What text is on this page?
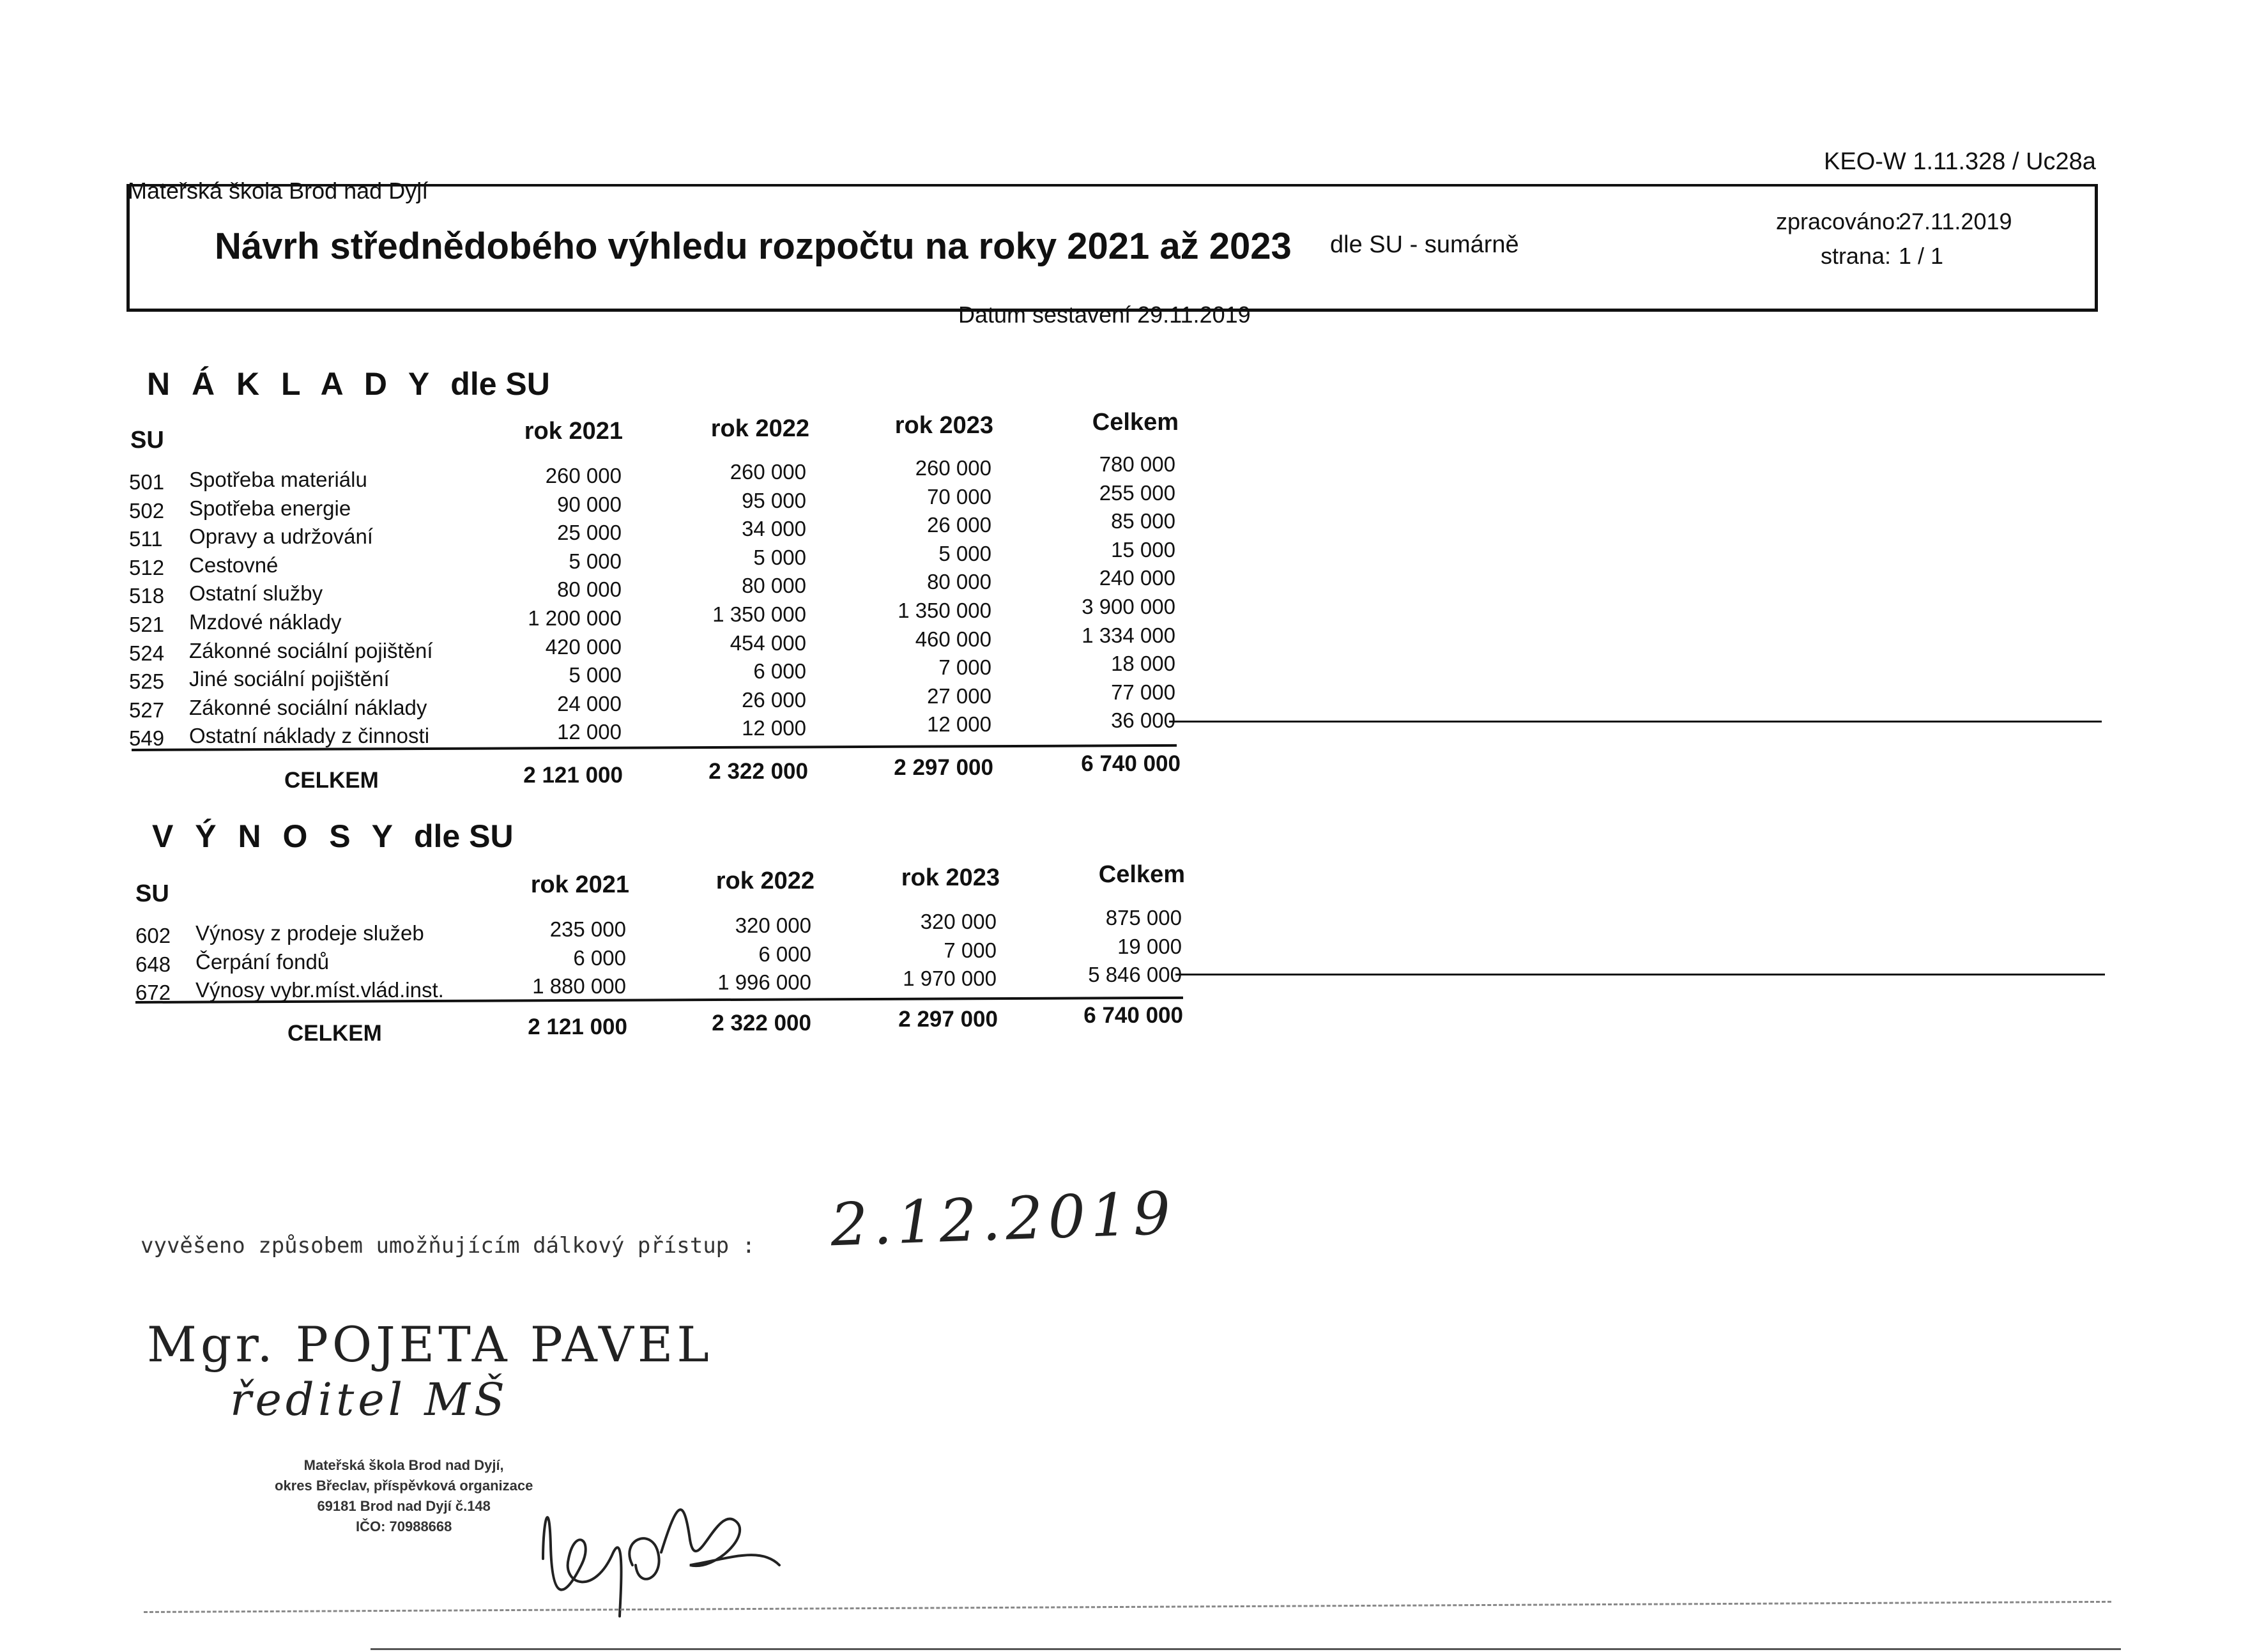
Mateřská škola Brod nad Dyjí
KEO-W 1.11.328 / Uc28a
Návrh střednědobého výhledu rozpočtu na roky 2021 až 2023 dle SU - sumárně
zpracováno:
27.11.2019
strana: 1 / 1
Datum sestavení 29.11.2019
N Á K L A D Y dle SU
SU	rok 2021	rok 2022	rok 2023	Celkem
501	Spotřeba materiálu	260 000	260 000	260 000	780 000
502	Spotřeba energie	90 000	95 000	70 000	255 000
511	Opravy a udržování	25 000	34 000	26 000	85 000
512	Cestovné	5 000	5 000	5 000	15 000
518	Ostatní služby	80 000	80 000	80 000	240 000
521	Mzdové náklady	1 200 000	1 350 000	1 350 000	3 900 000
524	Zákonné sociální pojištění	420 000	454 000	460 000	1 334 000
525	Jiné sociální pojištění	5 000	6 000	7 000	18 000
527	Zákonné sociální náklady	24 000	26 000	27 000	77 000
549	Ostatní náklady z činnosti	12 000	12 000	12 000	36 000
CELKEM	2 121 000	2 322 000	2 297 000	6 740 000
V Ý N O S Y dle SU
SU	rok 2021	rok 2022	rok 2023	Celkem
602	Výnosy z prodeje služeb	235 000	320 000	320 000	875 000
648	Čerpání fondů	6 000	6 000	7 000	19 000
672	Výnosy vybr.míst.vlád.inst.	1 880 000	1 996 000	1 970 000	5 846 000
CELKEM	2 121 000	2 322 000	2 297 000	6 740 000
vyvěšeno způsobem umožňujícím dálkový přístup : 2.12.2019
Mgr. POJETA PAVEL
ředitel MŠ
Mateřská škola Brod nad Dyjí,
okres Břeclav, příspěvková organizace
69181 Brod nad Dyjí č.148
IČO: 70988668
